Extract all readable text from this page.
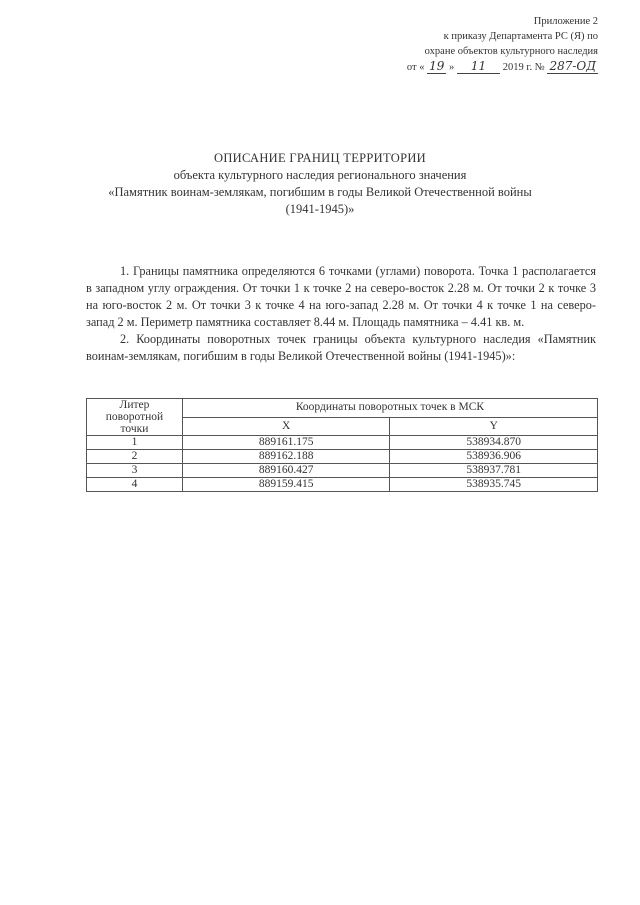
Приложение 2
к приказу Департамента РС (Я) по
охране объектов культурного наследия
от « 19 » 11 2019 г. № 287-ОД
ОПИСАНИЕ ГРАНИЦ ТЕРРИТОРИИ
объекта культурного наследия регионального значения
«Памятник воинам-землякам, погибшим в годы Великой Отечественной войны
(1941-1945)»

1. Границы памятника определяются 6 точками (углами) поворота. Точка 1 располагается в западном углу ограждения. От точки 1 к точке 2 на северо-восток 2.28 м. От точки 2 к точке 3 на юго-восток 2 м. От точки 3 к точке 4 на юго-запад 2.28 м. От точки 4 к точке 1 на северо-запад 2 м. Периметр памятника составляет 8.44 м. Площадь памятника – 4.41 кв. м.

2. Координаты поворотных точек границы объекта культурного наследия «Памятник воинам-землякам, погибшим в годы Великой Отечественной войны (1941-1945)»:

Литер поворотной точки	Координаты поворотных точек в МСК	
	X	Y
1	889161.175	538934.870
2	889162.188	538936.906
3	889160.427	538937.781
4	889159.415	538935.745
